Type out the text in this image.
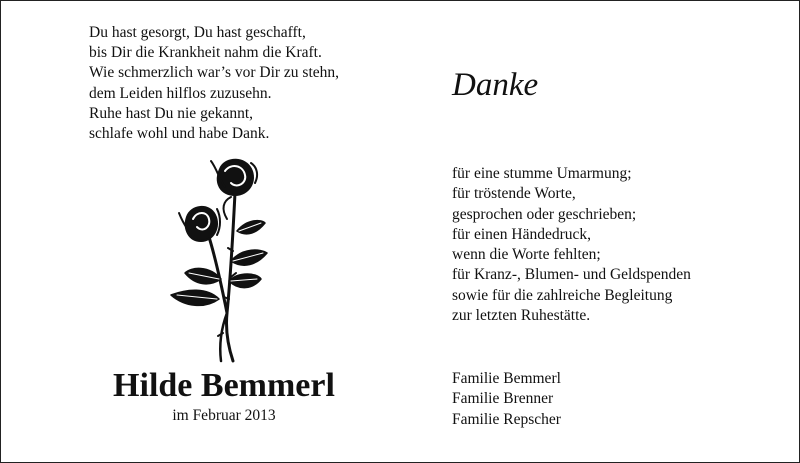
Du hast gesorgt, Du hast geschafft,
bis Dir die Krankheit nahm die Kraft.
Wie schmerzlich war’s vor Dir zu stehn,
dem Leiden hilflos zuzusehn.
Ruhe hast Du nie gekannt,
schlafe wohl und habe Dank.
Hilde Bemmerl
im Februar 2013
Danke
für eine stumme Umarmung;
für tröstende Worte,
gesprochen oder geschrieben;
für einen Händedruck,
wenn die Worte fehlten;
für Kranz-, Blumen- und Geldspenden
sowie für die zahlreiche Begleitung
zur letzten Ruhestätte.
Familie Bemmerl
Familie Brenner
Familie Repscher
